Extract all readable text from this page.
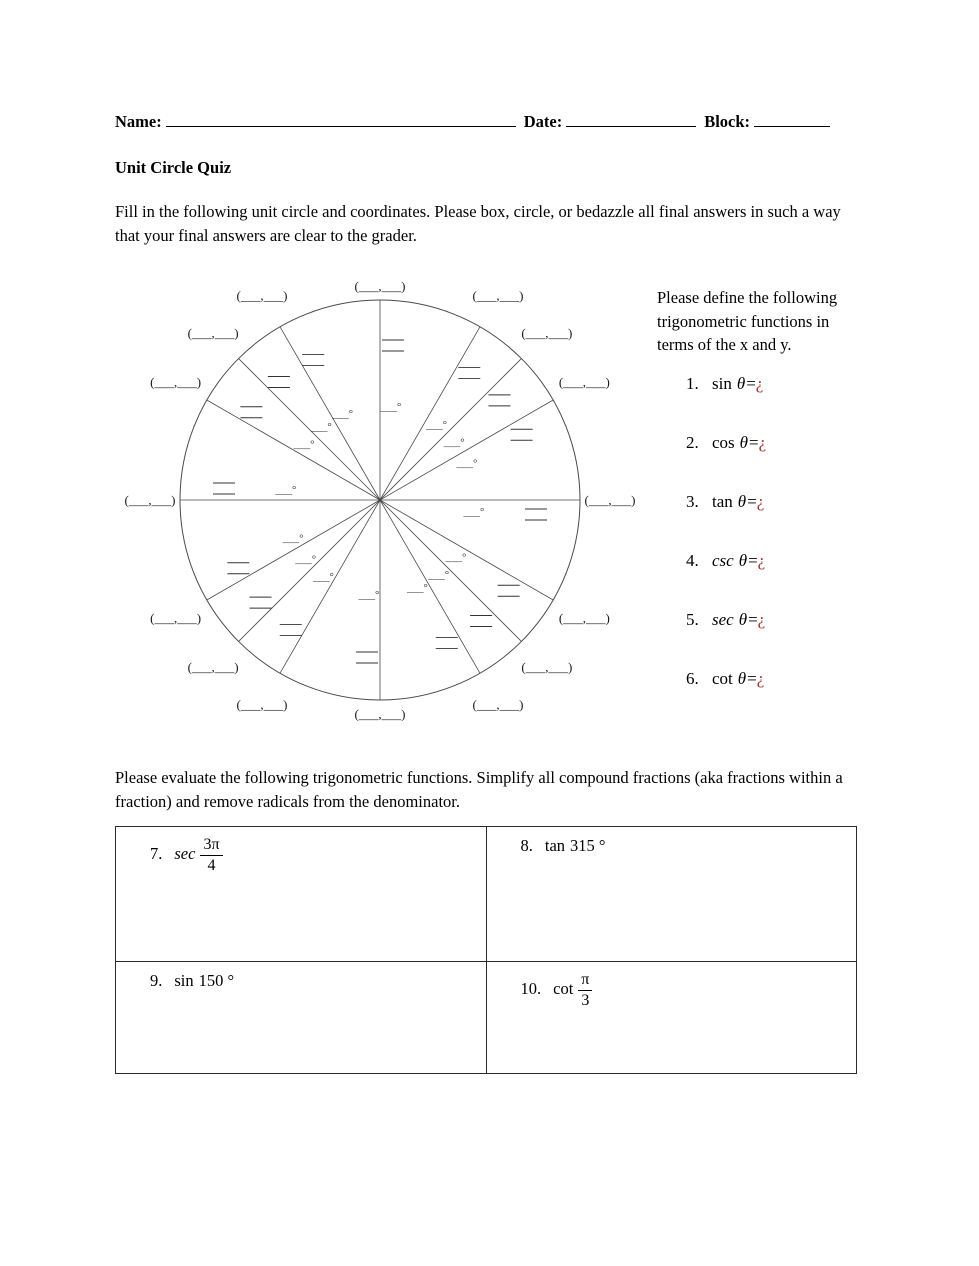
Name:	Date:	Block:
Unit Circle Quiz

Fill in the following unit circle and coordinates. Please box, circle, or bedazzle all final answers in such a way that your final answers are clear to the grader.

(___,___)
___°
(___,___)
___°
(___,___)
___°
(___,___)
___°
(___,___)
___°
(___,___)
___°
(___,___)
___°
(___,___)
___°
(___,___)
___°
(___,___)
___°
(___,___)
___°
(___,___)
___°
(___,___)
___°
(___,___)
___°
(___,___)
___°
(___,___)
___°

Please define the following trigonometric functions in terms of the x and y.

1. sin θ=¿
2. cos θ=¿
3. tan θ=¿
4. csc θ=¿
5. sec θ=¿
6. cot θ=¿

Please evaluate the following trigonometric functions. Simplify all compound fractions (aka fractions within a fraction) and remove radicals from the denominator.

7. $\sec \frac{3\pi}{4}$	8. tan 315 °
9. sin 150 °	10. $\cot \frac{\pi}{3}$
